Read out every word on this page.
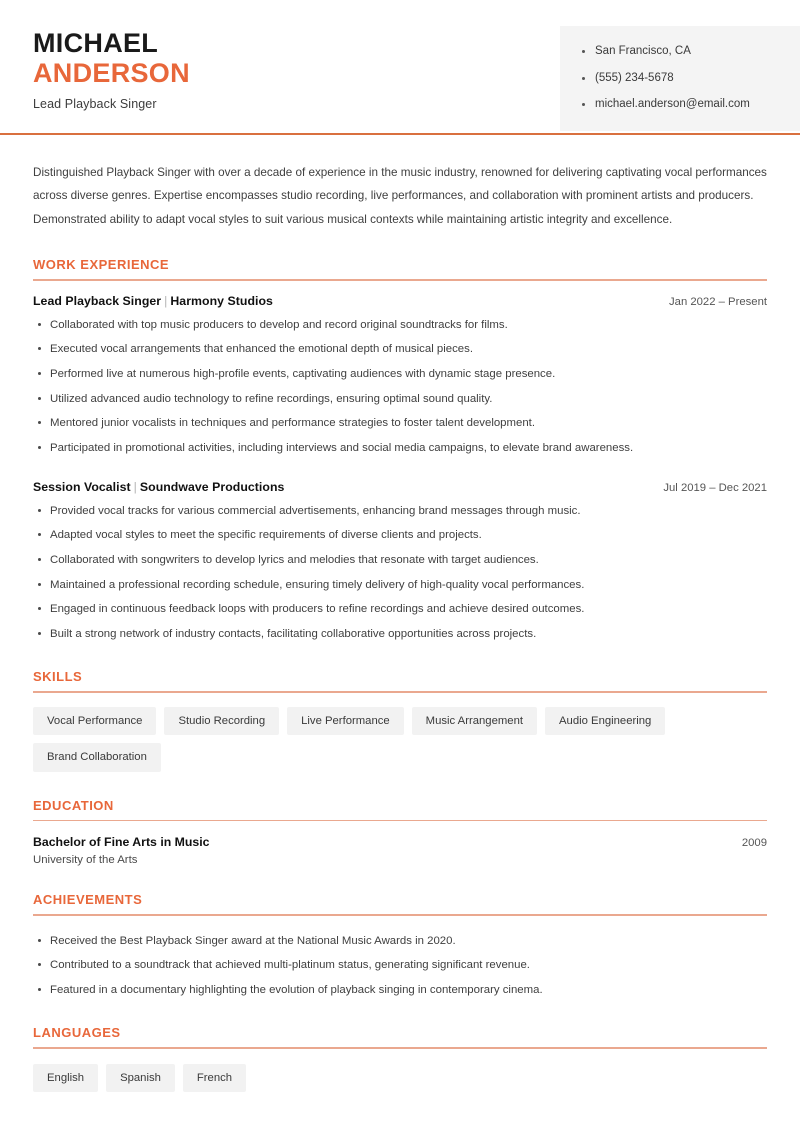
MICHAEL
ANDERSON
Lead Playback Singer
San Francisco, CA
(555) 234-5678
michael.anderson@email.com

Distinguished Playback Singer with over a decade of experience in the music industry, renowned for delivering captivating vocal performances across diverse genres. Expertise encompasses studio recording, live performances, and collaboration with prominent artists and producers. Demonstrated ability to adapt vocal styles to suit various musical contexts while maintaining artistic integrity and excellence.

WORK EXPERIENCE
Lead Playback Singer | Harmony Studios	Jan 2022 – Present
Collaborated with top music producers to develop and record original soundtracks for films.
Executed vocal arrangements that enhanced the emotional depth of musical pieces.
Performed live at numerous high-profile events, captivating audiences with dynamic stage presence.
Utilized advanced audio technology to refine recordings, ensuring optimal sound quality.
Mentored junior vocalists in techniques and performance strategies to foster talent development.
Participated in promotional activities, including interviews and social media campaigns, to elevate brand awareness.
Session Vocalist | Soundwave Productions	Jul 2019 – Dec 2021
Provided vocal tracks for various commercial advertisements, enhancing brand messages through music.
Adapted vocal styles to meet the specific requirements of diverse clients and projects.
Collaborated with songwriters to develop lyrics and melodies that resonate with target audiences.
Maintained a professional recording schedule, ensuring timely delivery of high-quality vocal performances.
Engaged in continuous feedback loops with producers to refine recordings and achieve desired outcomes.
Built a strong network of industry contacts, facilitating collaborative opportunities across projects.
SKILLS
Vocal Performance	Studio Recording	Live Performance	Music Arrangement	Audio Engineering
Brand Collaboration
EDUCATION
Bachelor of Fine Arts in Music	2009
University of the Arts
ACHIEVEMENTS
Received the Best Playback Singer award at the National Music Awards in 2020.
Contributed to a soundtrack that achieved multi-platinum status, generating significant revenue.
Featured in a documentary highlighting the evolution of playback singing in contemporary cinema.
LANGUAGES
English	Spanish	French
